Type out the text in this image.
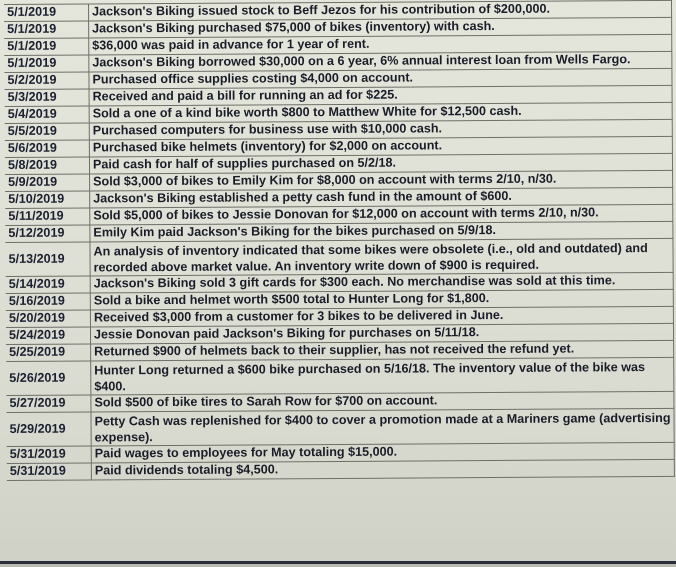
5/1/2019	Jackson's Biking issued stock to Beff Jezos for his contribution of $200,000.
5/1/2019	Jackson's Biking purchased $75,000 of bikes (inventory) with cash.
5/1/2019	$36,000 was paid in advance for 1 year of rent.
5/1/2019	Jackson's Biking borrowed $30,000 on a 6 year, 6% annual interest loan from Wells Fargo.
5/2/2019	Purchased office supplies costing $4,000 on account.
5/3/2019	Received and paid a bill for running an ad for $225.
5/4/2019	Sold a one of a kind bike worth $800 to Matthew White for $12,500 cash.
5/5/2019	Purchased computers for business use with $10,000 cash.
5/6/2019	Purchased bike helmets (inventory) for $2,000 on account.
5/8/2019	Paid cash for half of supplies purchased on 5/2/18.
5/9/2019	Sold $3,000 of bikes to Emily Kim for $8,000 on account with terms 2/10, n/30.
5/10/2019	Jackson's Biking established a petty cash fund in the amount of $600.
5/11/2019	Sold $5,000 of bikes to Jessie Donovan for $12,000 on account with terms 2/10, n/30.
5/12/2019	Emily Kim paid Jackson's Biking for the bikes purchased on 5/9/18.
5/13/2019	An analysis of inventory indicated that some bikes were obsolete (i.e., old and outdated) and recorded above market value. An inventory write down of $900 is required.
5/14/2019	Jackson's Biking sold 3 gift cards for $300 each. No merchandise was sold at this time.
5/16/2019	Sold a bike and helmet worth $500 total to Hunter Long for $1,800.
5/20/2019	Received $3,000 from a customer for 3 bikes to be delivered in June.
5/24/2019	Jessie Donovan paid Jackson's Biking for purchases on 5/11/18.
5/25/2019	Returned $900 of helmets back to their supplier, has not received the refund yet.
5/26/2019	Hunter Long returned a $600 bike purchased on 5/16/18. The inventory value of the bike was $400.
5/27/2019	Sold $500 of bike tires to Sarah Row for $700 on account.
5/29/2019	Petty Cash was replenished for $400 to cover a promotion made at a Mariners game (advertising expense).
5/31/2019	Paid wages to employees for May totaling $15,000.
5/31/2019	Paid dividends totaling $4,500.
